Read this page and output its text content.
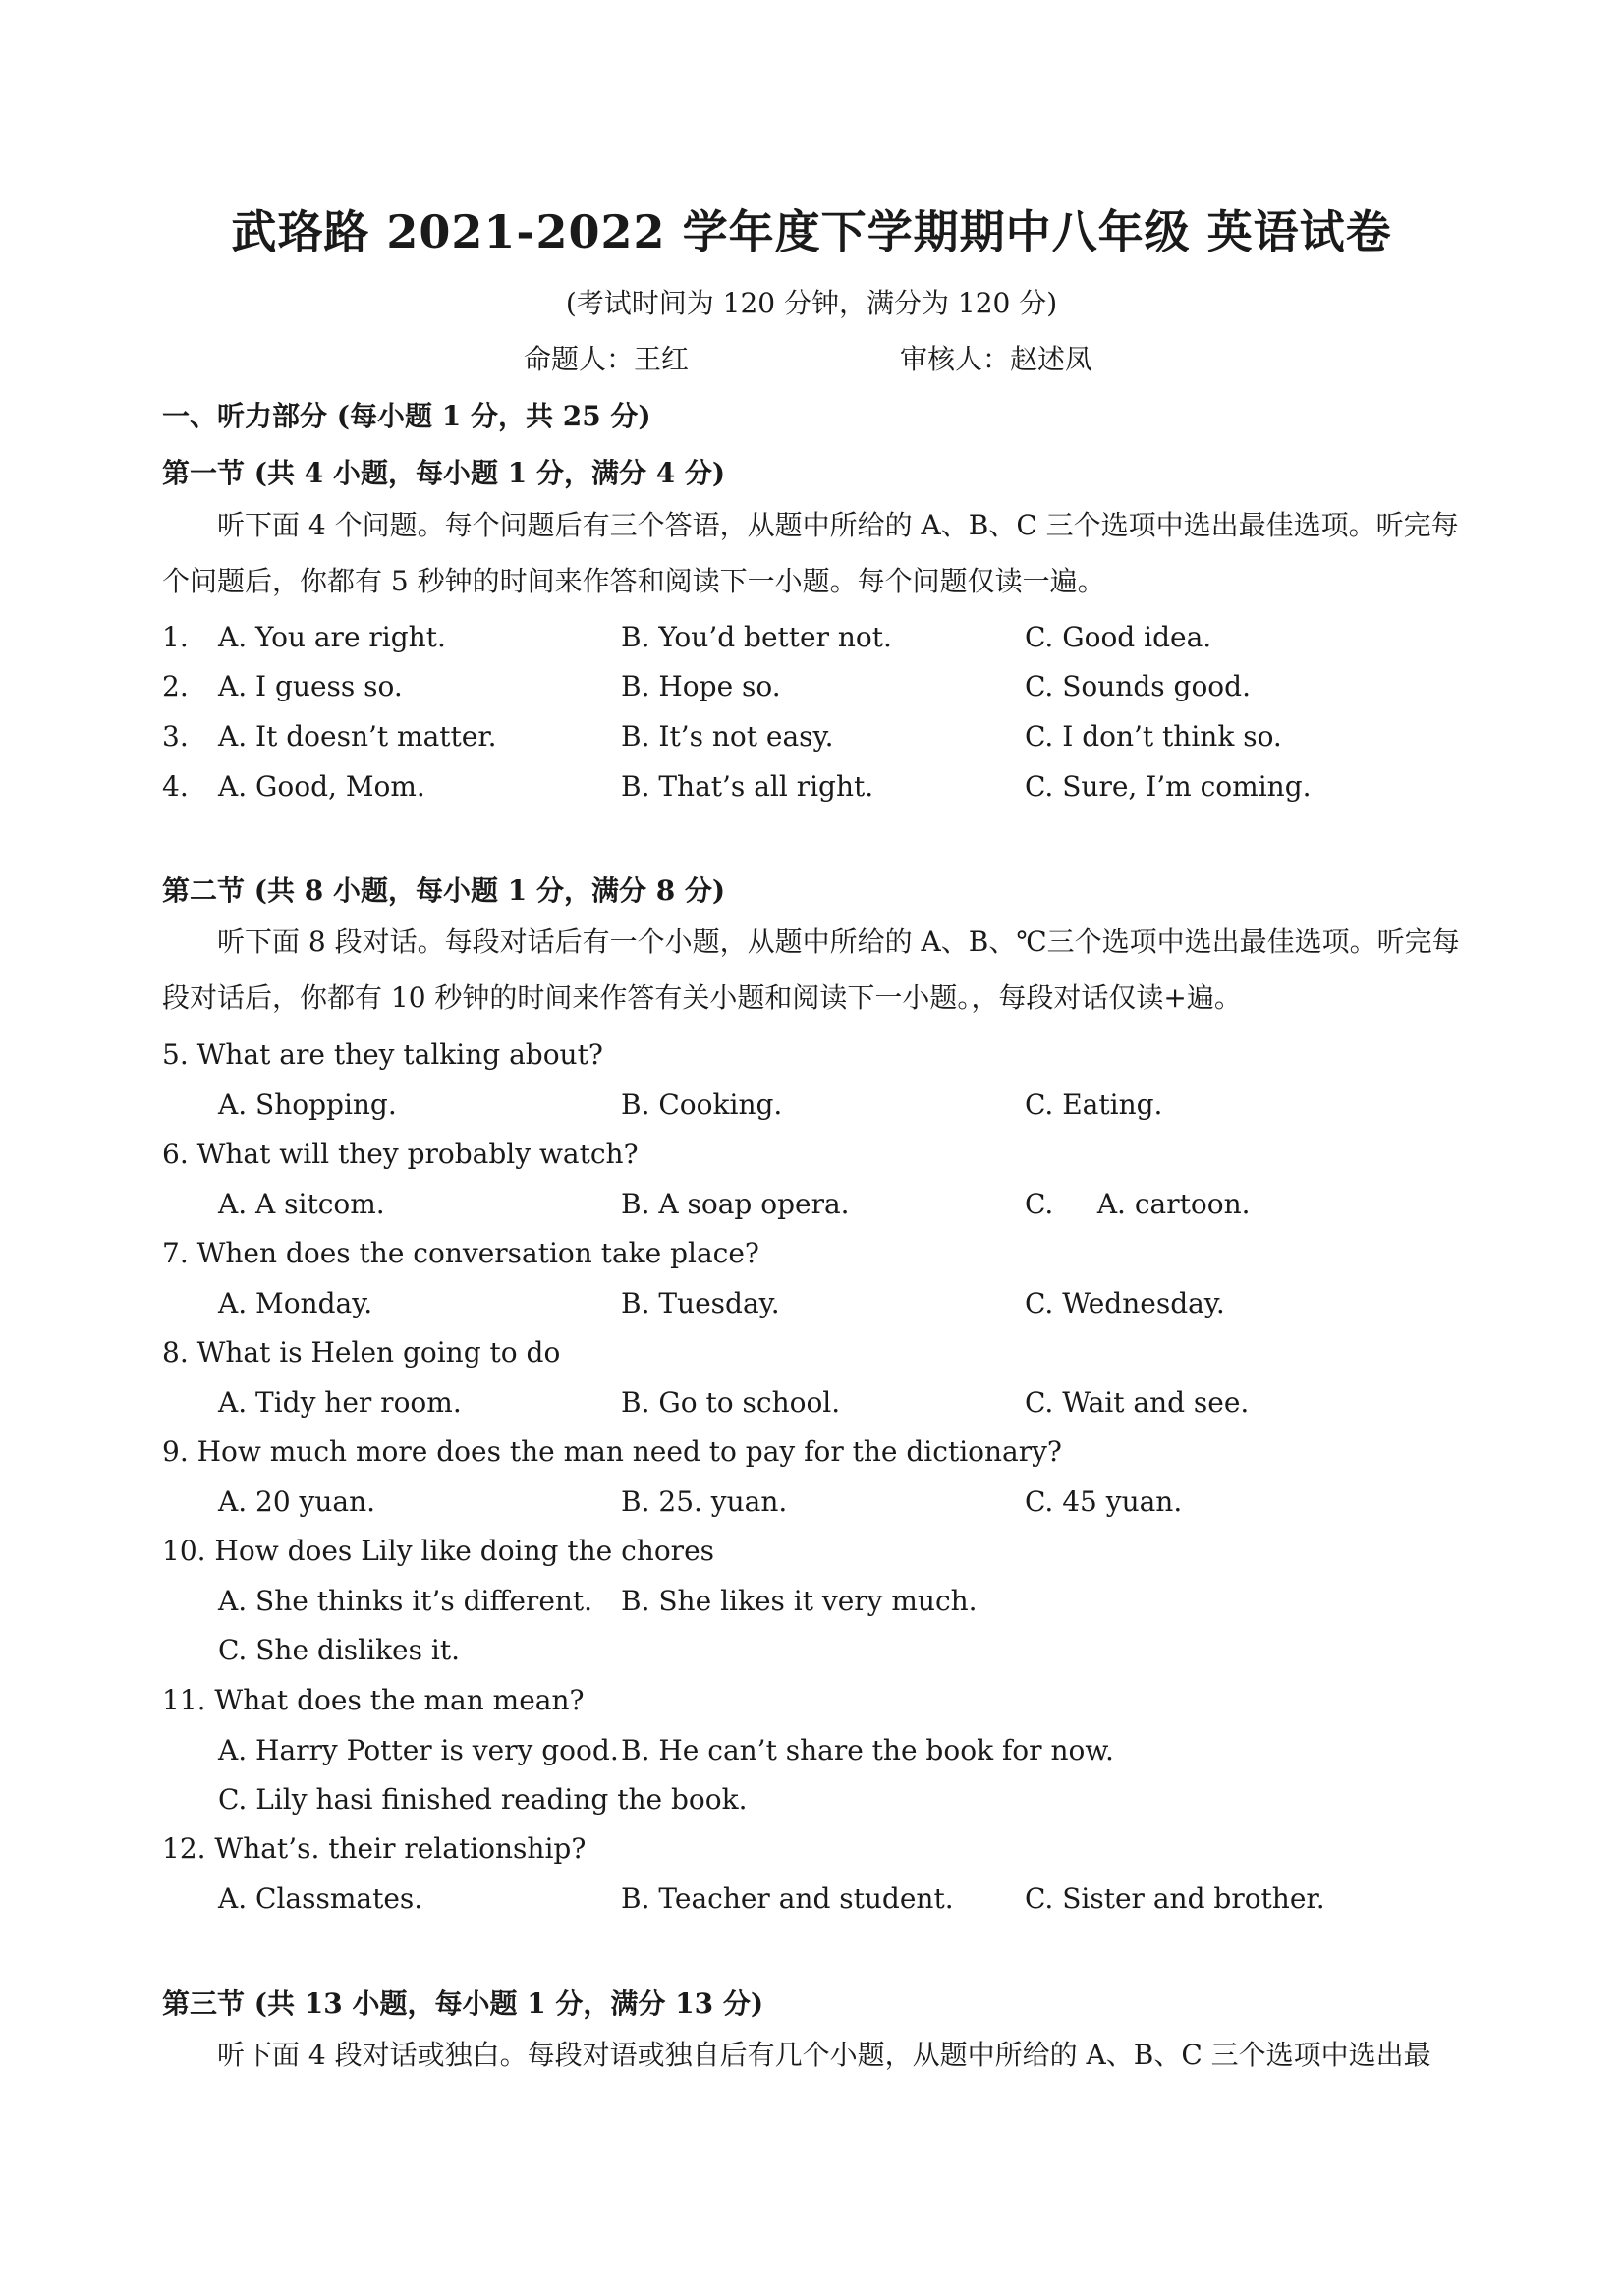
武珞路 2021-2022 学年度下学期期中八年级 英语试卷
(考试时间为 120 分钟，满分为 120 分)
命题人：王红	审核人：赵述凤
一、听力部分 (每小题 1 分，共 25 分)
第一节 (共 4 小题，每小题 1 分，满分 4 分)
听下面 4 个问题。每个问题后有三个答语，从题中所给的 A、B、C 三个选项中选出最佳选项。听完每个问题后，你都有 5 秒钟的时间来作答和阅读下一小题。每个问题仅读一遍。
1. A. You are right.	B. You’d better not.	C. Good idea.
2. A. I guess so.	B. Hope so.	C. Sounds good.
3. A. It doesn’t matter.	B. It’s not easy.	C. I don’t think so.
4. A. Good, Mom.	B. That’s all right.	C. Sure, I’m coming.
第二节 (共 8 小题，每小题 1 分，满分 8 分)
听下面 8 段对话。每段对话后有一个小题，从题中所给的 A、B、℃三个选项中选出最佳选项。听完每段对话后，你都有 10 秒钟的时间来作答有关小题和阅读下一小题。，每段对话仅读+遍。
5. What are they talking about?
A. Shopping.	B. Cooking.	C. Eating.
6. What will they probably watch?
A. A sitcom.	B. A soap opera.	C.     A. cartoon.
7. When does the conversation take place?
A. Monday.	B. Tuesday.	C. Wednesday.
8. What is Helen going to do
A. Tidy her room.	B. Go to school.	C. Wait and see.
9. How much more does the man need to pay for the dictionary?
A. 20 yuan.	B. 25. yuan.	C. 45 yuan.
10. How does Lily like doing the chores
A. She thinks it’s different. B. She likes it very much.
C. She dislikes it.
11. What does the man mean?
A. Harry Potter is very good. B. He can’t share the book for now.
C. Lily hasi finished reading the book.
12. What’s. their relationship?
A. Classmates.	B. Teacher and student.	C. Sister and brother.
第三节 (共 13 小题，每小题 1 分，满分 13 分)
听下面 4 段对话或独白。每段对语或独自后有几个小题，从题中所给的 A、B、C 三个选项中选出最
